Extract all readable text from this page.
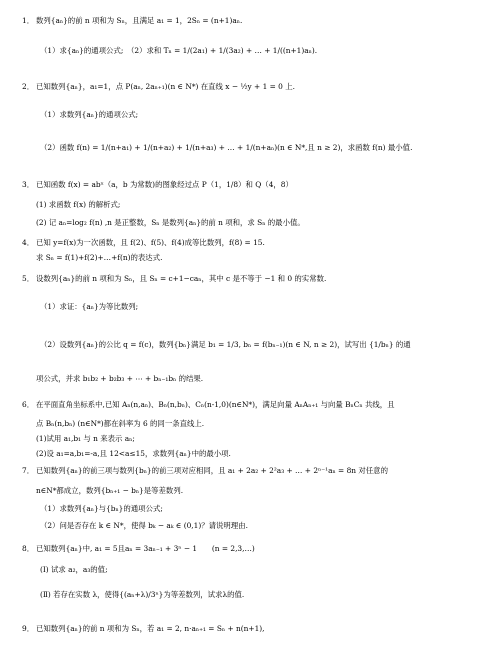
1． 数列{aₙ}的前 n 项和为 Sₙ，且满足 a₁ = 1，2Sₙ = (n+1)aₙ.
（1）求{aₙ}的通项公式;　（2）求和 Tₙ = 1/(2a₁) + 1/(3a₂) + … + 1/((n+1)aₙ).
2． 已知数列{aₙ}，a₁=1，点 P(aₙ, 2aₙ₊₁)(n ∈ N*) 在直线 x − ½y + 1 = 0 上.
（1）求数列{aₙ}的通项公式;
（2）函数 f(n) = 1/(n+a₁) + 1/(n+a₂) + 1/(n+a₃) + … + 1/(n+aₙ)(n ∈ N*,且 n ≥ 2)，求函数 f(n) 最小值.
3． 已知函数 f(x) = abˣ（a，b 为常数)的图象经过点 P（1，1/8）和 Q（4，8）
(1) 求函数 f(x) 的解析式;
(2) 记 aₙ=log₂ f(n) ,n 是正整数，Sₙ 是数列{aₙ}的前 n 项和，求 Sₙ 的最小值。
4． 已知 y=f(x)为一次函数，且 f(2)、f(5)、f(4)成等比数列，f(8) = 15.
求 Sₙ = f(1)+f(2)+…+f(n)的表达式.
5． 设数列{aₙ}的前 n 项和为 Sₙ，且 Sₙ = c+1−caₙ，其中 c 是不等于 −1 和 0 的实常数.
（1）求证：{aₙ}为等比数列;
（2）设数列{aₙ}的公比 q = f(c)，数列{bₙ}满足 b₁ = 1/3, bₙ = f(bₙ₋₁)(n ∈ N, n ≥ 2)，试写出 {1/bₙ} 的通
项公式，并求 b₁b₂ + b₂b₃ + ⋯ + bₙ₋₁bₙ 的结果.
6． 在平面直角坐标系中,已知 Aₙ(n,aₙ)、Bₙ(n,bₙ)、Cₙ(n-1,0)(n∈N*)，满足向量 AₙAₙ₊₁ 与向量 BₙCₙ 共线，且
点 Bₙ(n,bₙ) (n∈N*)都在斜率为 6 的同一条直线上.
(1)试用 a₁,b₁ 与 n 来表示 aₙ;
(2)设 a₁=a,b₁=-a,且 12<a≤15，求数列{aₙ}中的最小项.
7． 已知数列{aₙ}的前三项与数列{bₙ}的前三项对应相同，且 a₁ + 2a₂ + 2²a₃ + … + 2ⁿ⁻¹aₙ = 8n 对任意的
n∈N*都成立，数列{bₙ₊₁ − bₙ}是等差数列.
（1）求数列{aₙ}与{bₙ}的通项公式;
（2）问是否存在 k ∈ N*，使得 bₖ − aₖ ∈ (0,1)？请说明理由.
8． 已知数列{aₙ}中, a₁ = 5且aₙ = 3aₙ₋₁ + 3ⁿ − 1　　(n = 2,3,…)
(Ⅰ) 试求 a₂，a₃的值;
(Ⅱ) 若存在实数 λ，使得{(aₙ+λ)/3ⁿ}为等差数列，试求λ的值.
9． 已知数列{aₙ}的前 n 项和为 Sₙ，若 a₁ = 2, n·aₙ₊₁ = Sₙ + n(n+1),
